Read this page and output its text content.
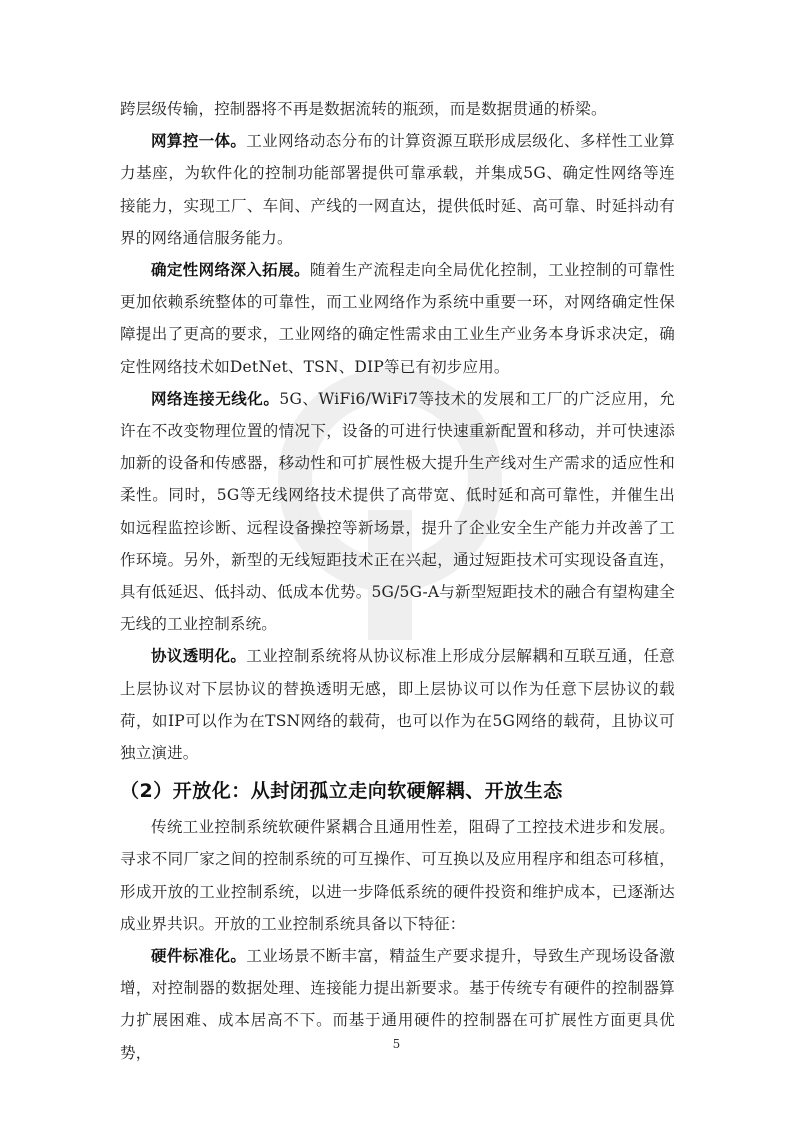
跨层级传输，控制器将不再是数据流转的瓶颈，而是数据贯通的桥梁。

网算控一体。工业网络动态分布的计算资源互联形成层级化、多样性工业算力基座，为软件化的控制功能部署提供可靠承载，并集成5G、确定性网络等连接能力，实现工厂、车间、产线的一网直达，提供低时延、高可靠、时延抖动有界的网络通信服务能力。

确定性网络深入拓展。随着生产流程走向全局优化控制，工业控制的可靠性更加依赖系统整体的可靠性，而工业网络作为系统中重要一环，对网络确定性保障提出了更高的要求，工业网络的确定性需求由工业生产业务本身诉求决定，确定性网络技术如DetNet、TSN、DIP等已有初步应用。

网络连接无线化。5G、WiFi6/WiFi7等技术的发展和工厂的广泛应用，允许在不改变物理位置的情况下，设备的可进行快速重新配置和移动，并可快速添加新的设备和传感器，移动性和可扩展性极大提升生产线对生产需求的适应性和柔性。同时，5G等无线网络技术提供了高带宽、低时延和高可靠性，并催生出如远程监控诊断、远程设备操控等新场景，提升了企业安全生产能力并改善了工作环境。另外，新型的无线短距技术正在兴起，通过短距技术可实现设备直连，具有低延迟、低抖动、低成本优势。5G/5G-A与新型短距技术的融合有望构建全无线的工业控制系统。

协议透明化。工业控制系统将从协议标准上形成分层解耦和互联互通，任意上层协议对下层协议的替换透明无感，即上层协议可以作为任意下层协议的载荷，如IP可以作为在TSN网络的载荷，也可以作为在5G网络的载荷，且协议可独立演进。

（2）开放化：从封闭孤立走向软硬解耦、开放生态

传统工业控制系统软硬件紧耦合且通用性差，阻碍了工控技术进步和发展。寻求不同厂家之间的控制系统的可互操作、可互换以及应用程序和组态可移植，形成开放的工业控制系统，以进一步降低系统的硬件投资和维护成本，已逐渐达成业界共识。开放的工业控制系统具备以下特征：

硬件标准化。工业场景不断丰富，精益生产要求提升，导致生产现场设备激增，对控制器的数据处理、连接能力提出新要求。基于传统专有硬件的控制器算力扩展困难、成本居高不下。而基于通用硬件的控制器在可扩展性方面更具优势，	5
